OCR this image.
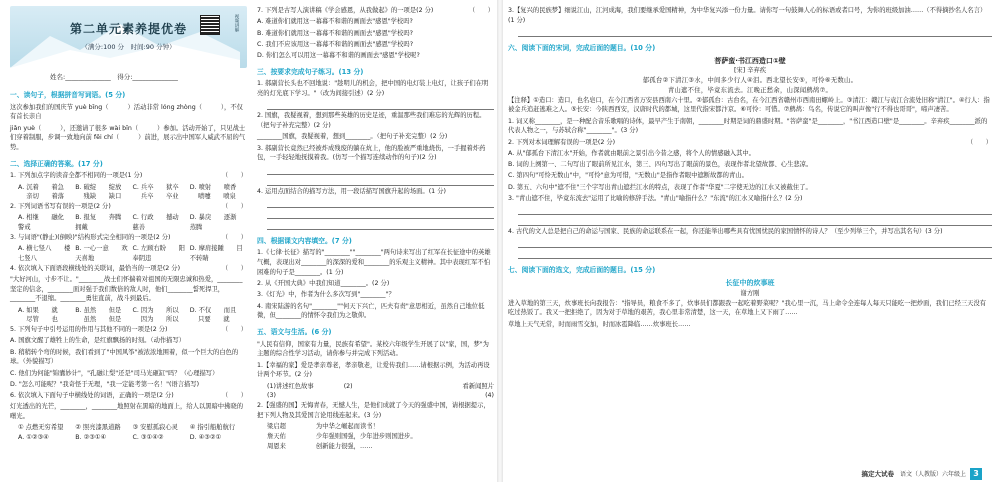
第二单元素养提优卷	视频讲解
（满分:100 分　时间:90 分钟）
姓名:______________　得分:______________
一、读句子，根据拼音写词语。(5 分)

这次参加我们的国庆节 yuè bīng（　　　）活动非常 lóng zhòng（　　　），不仅有首长亲自

jiǎn yuè（　　　），还邀请了很多 wài bīn（　　　）参加。活动开始了，只见战士们穿着制服，步调一致地向前 fēi chí（　　　）前进，展示出中国军人威武不屈的气势。

二、选择正确的答案。(17 分)

（　　）
1. 下列加点字的读音全都不相同的一项是(1 分)

A. 沉着　　着急	B. 破绽　　绽放	C. 兵卒　　狱卒	D. 喷射　　喷香
　 亲切　　着落	　 残缺　　缺口	　 兵卒　　卒业	　 喷嚏　　喷泉

（　　）
2. 下列词语书写有误的一项是(2 分)

A. 相继　　融化　　警戒
B. 报复　　奔腾　　拥戴
C. 行政　　撼动　　慈善
D. 暴戾　　逐渐　　蒸腾

（　　）
3. 与词语"(静止)(倒映)"结构形式完全相同的一项是(2 分)

A. 横七竖八　　楼七竖八
B. 一心一意　　欢天喜地
C. 左顾右盼　　阳奉阴违
D. 摩肩接踵　　目不转睛

（　　）
4. 依次填入下面语段横线处的关联词，最恰当的一项是(2 分)

"大好河山，寸步不让。"________战士们怀揣着对祖国的无限忠诚和热爱，________坚定的信念，________面对强于我们数倍的敌人时，他们________誓死捍卫，________不退缩。________勇往直前，战斗到最后。

A. 如果　　就	B. 虽然　　但是	C. 因为　　所以	D. 不仅　　而且
　 尽管　　也	　 虽然　　但是	　 因为　　所以	　 只要　　就

（　　）
5. 下列句子中引号运用的作用与其他不同的一项是(2 分)

A. 国旗文醒了雄牲上的生命，是红旗飘扬的时刻。（动作描写）

B. 稍稍转个弯的时候，我们看到了"中国风筝"被浓浓地围着，似一个巨大的白色的球。（外貌描写）

C. 他们为何能"锦囊妙计"，"孔融让梨"还是"司马光砸缸"吗？（心理描写）

D. "怎么可能呢？"我奇怪于无理，"我一定能考第一名！"(语言描写)

（　　）
6. 依次填入下面句子中横线处的词语，正确的一项是(2 分)

灯光透出的光芒，________，________地照射在黑暗的地面上，给人以黑暗中拂晓的曙光。

① 点燃无穷希望	② 照亮漆黑道路	③ 安慰孤寂心灵	④ 指引船舶航行
A. ①②③④	B. ②③①④	C. ③①④②	D. ④③②①

（　　）
7. 下列是古写人演讲稿《学会感恩，从我做起》的一项是(2 分)

A. 难道你们就用这一幕幕不和谐的画面去"感恩"学校吗?

B. 难道你们就用这一幕幕不和谐的画面去"感恩"学校吗?

C. 我们不应该用这一幕幕不和谐的画面去"感恩"学校吗?

D. 你们怎么可以用这一幕幕不和谐的画面去"感恩"学校呢?

三、按要求完成句子练习。(13 分)

1. 郝副营长头也不回地说："趁明儿的机会，把中国的电灯装上电灯，让孩子们在明亮的灯光底下学习。"（改为间接引述）(2 分)

2. 国旗，我疑视着，想到那些英雄的历史足迹，重温那些我们难忘的光辉的历程。（把句子补充完整）(2 分)

________国旗，我疑视着，想到________。（把句子补充完整）(2 分)

3. 郝副营长竟然已经被炸成残废的躺在炕上，他的脸被严重地烧伤，一手握着炸药包，一手轻轻地抚摸着我。(仿写一个描写连续动作的句子)(2 分)

4. 运用点面结合的描写方法，用一段话描写国旗升起的场面。(1 分)

四、根据课文内容填空。(7 分)

1.《七律·长征》描写的"________""________"两句诗来写出了红军在长征途中的英雄气概，表现出对________的深深的爱和________的乐观主义精神。其中表现红军不怕困难的句子是________。(1 分)

2. 从《开国大典》中我们知道________。(2 分)

3.《灯光》中，作者为什么多次写到"________"？

4. 南宋陆游的名句"________""何天下兴亡，匹夫有责"意思相近，虽然自己地位低微，但________的情怀令我们为之敬仰。

五、语文与生活。(6 分)

"人民有信仰，国家有力量，民族有希望"。某校六年级学生开展了以"家，国，梦"为主题的综合性学习活动，请你参与并完成下列活动。

1.【幸福的家】爱是孝亲尊老，孝亲敬老，让爱传我们……请根据示例，为活动再设计两个环节。(2 分)

(1)讲述红色故事	(2)	看新闻照片
(3)	(4)

2.【强盛的国】无悔青春，无憾人生，是他们成就了今天的强盛中国，请根据提示，把下列人物及其爱国言论用线连起来。(3 分)

梁启超	为中华之崛起而读书！
詹天佑	少年强则国强，少年进步则国进步。
周恩来	创新能力很强，……

3.【复兴的民族梦】细说江山，江河成海，我们要继承爱国精神，为中华复兴添一份力量。请你写一句鼓舞人心的标语或者口号，为你的班级加油……（不得摘抄名人名言）(1 分)

六、阅读下面的宋词，完成后面的题目。(10 分)
菩萨蛮·书江西造口①壁
[宋] 辛弃疾
郁孤台②下清江③水，中间多少行人④泪。西北望长安⑤，可怜⑥无数山。
青山遮不住，毕竟东流去。江晚正愁余，山深闻鹧鸪⑦。

【注释】①造口：造口，也名皂口，在今江西省万安县西南六十里。②郁孤台：古台名，在今江西省赣州市西南田螺岭上。③清江：赣江与袁江合流处旧称"清江"。④行人：指被金兵追赶逃难之人。⑤长安：今陕西西安，汉唐时代的都城，这里代指宋都汴京。⑥可怜：可惜。⑦鹧鸪：鸟名，传说它的叫声像"行不得也哥哥"，啼声凄苦。

1. 词又称________，是一种配合音乐歌唱的诗体，最早产生于南朝，________时期是词的鼎盛时期。"菩萨蛮"是________，"书江西造口壁"是________。辛弃疾________派的代表人物之一，与苏轼合称"________"。(3 分)

（　　）
2. 下列对本词理解有误的一项是(2 分)

A. 从"郁孤台下清江水"开始，作者就由眼前之景引出今昔之感，将个人的情感融入其中。

B. 词的上阕第一、二句写出了眼前所见江水，第三、四句写出了眼前的景色，表现作者北望故都、心生悲凉。

C. 第四句"可怜无数山"中，"可怜"意为可惜，"无数山"是指作者眼中遮断故都的青山。

D. 第五、六句中"遮不住"三个字写出青山遮拦江水的特点，表现了作者"华夏"二字使无边的江水又被截住了。

3. "青山遮不住，毕竟东流去"运用了比喻的修辞手法。"青山"喻指什么？"东流"的江水又喻指什么？(2 分)

4. 古代的文人总是把自己的命运与国家、民族的命运联系在一起，你还能举出哪些具有忧国忧民的家国情怀的诗人？（至少列举三个，并写出其名句）(3 分)

七、阅读下面的选文，完成后面的题目。(15 分)
长征中的炊事班
谢方刚

进入草地的第三天，炊事班长向我报告："指导员，粮食不多了，炊事员们都跟我一起吃着野菜呢？"我心里一沉，马上命令全连每人每天只能吃一把炒面，我们已经三天没有吃过热饭了。我又一把拒绝了，因为对于草地的艰苦，我心里非常清楚，这一天，在草地上又下雨了……

草地上天气无常，时而雨雪交加，时而冰雹降临……炊事班长……

搞定大试卷　 语文（人教版）六年级上 3
